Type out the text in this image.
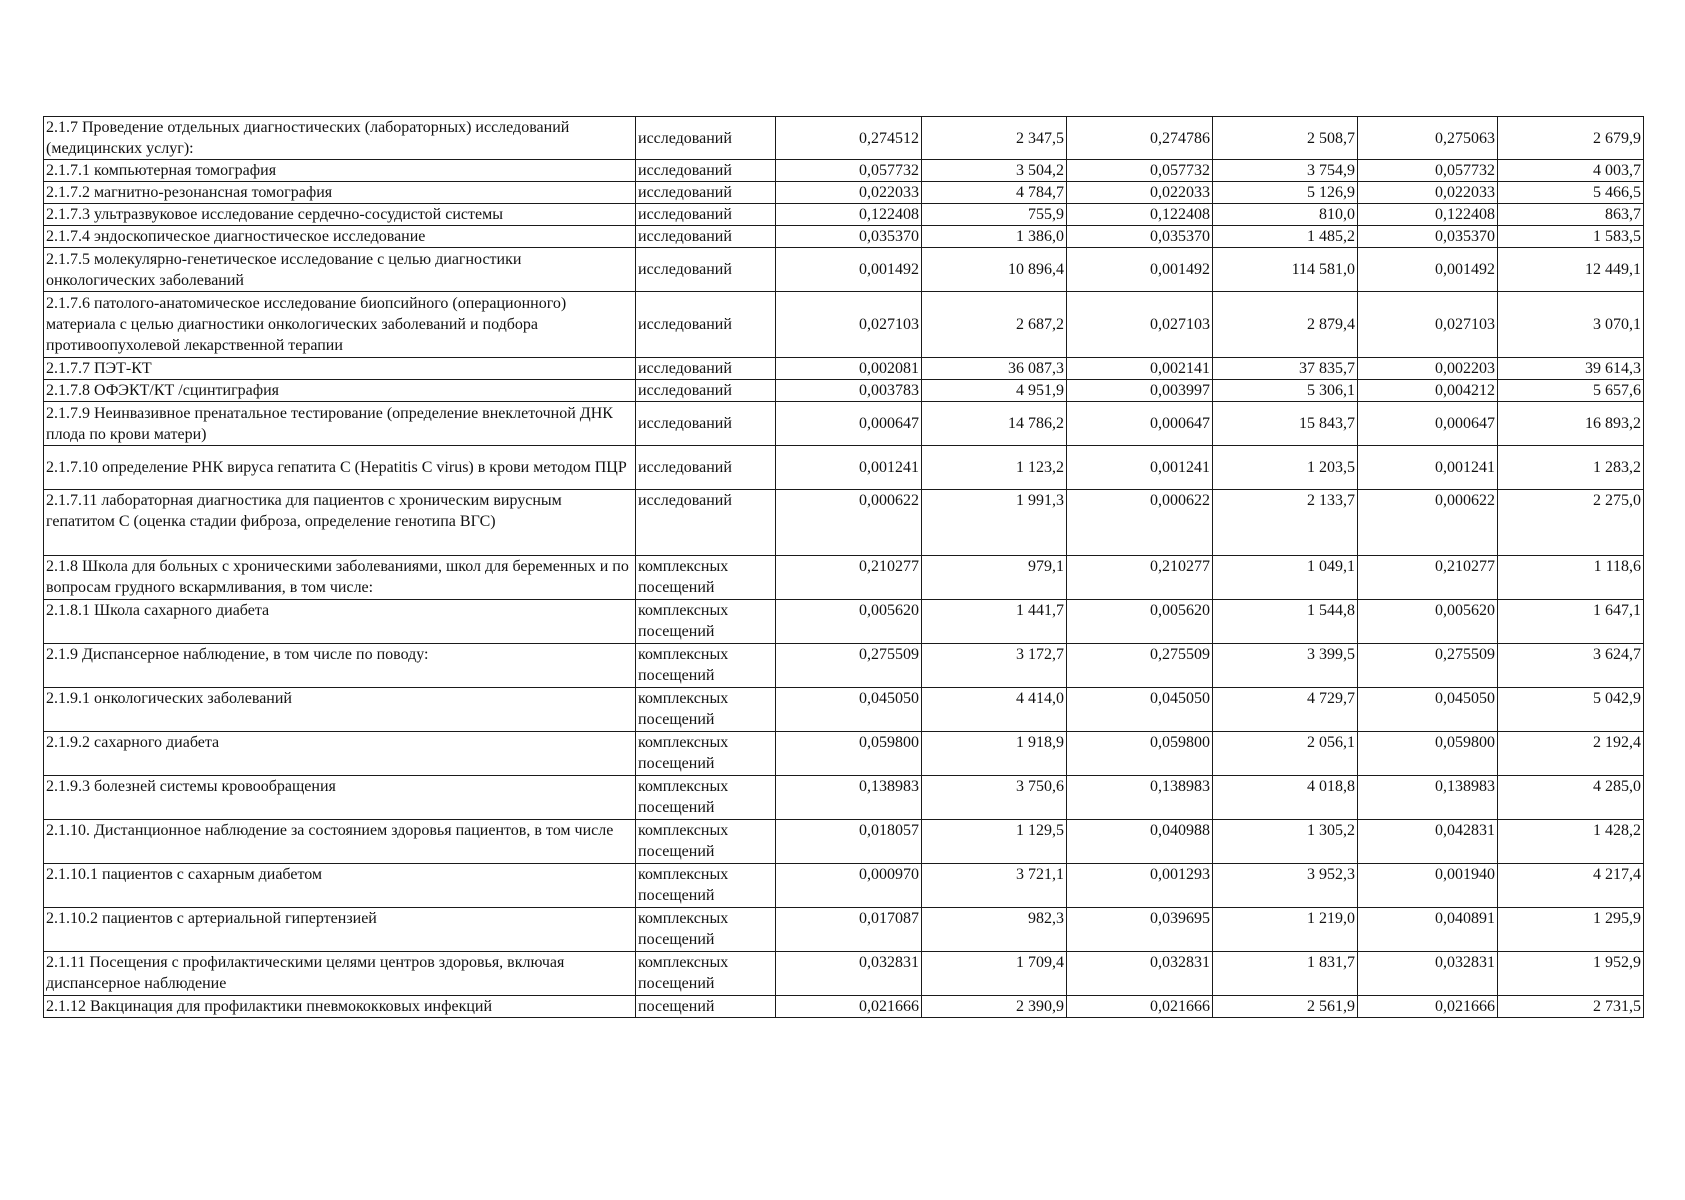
2.1.7 Проведение отдельных диагностических (лабораторных) исследований (медицинских услуг):	исследований	0,274512	2 347,5	0,274786	2 508,7	0,275063	2 679,9
2.1.7.1 компьютерная томография	исследований	0,057732	3 504,2	0,057732	3 754,9	0,057732	4 003,7
2.1.7.2 магнитно-резонансная томография	исследований	0,022033	4 784,7	0,022033	5 126,9	0,022033	5 466,5
2.1.7.3 ультразвуковое исследование сердечно-сосудистой системы	исследований	0,122408	755,9	0,122408	810,0	0,122408	863,7
2.1.7.4 эндоскопическое диагностическое исследование	исследований	0,035370	1 386,0	0,035370	1 485,2	0,035370	1 583,5
2.1.7.5 молекулярно-генетическое исследование с целью диагностики онкологических заболеваний	исследований	0,001492	10 896,4	0,001492	114 581,0	0,001492	12 449,1
2.1.7.6 патолого-анатомическое исследование биопсийного (операционного) материала с целью диагностики онкологических заболеваний и подбора противоопухолевой лекарственной терапии	исследований	0,027103	2 687,2	0,027103	2 879,4	0,027103	3 070,1
2.1.7.7 ПЭТ-КТ	исследований	0,002081	36 087,3	0,002141	37 835,7	0,002203	39 614,3
2.1.7.8 ОФЭКТ/КТ /сцинтиграфия	исследований	0,003783	4 951,9	0,003997	5 306,1	0,004212	5 657,6
2.1.7.9 Неинвазивное пренатальное тестирование (определение внеклеточной ДНК плода по крови матери)	исследований	0,000647	14 786,2	0,000647	15 843,7	0,000647	16 893,2
2.1.7.10 определение РНК вируса гепатита С (Hepatitis C virus) в крови методом ПЦР	исследований	0,001241	1 123,2	0,001241	1 203,5	0,001241	1 283,2
2.1.7.11 лабораторная диагностика для пациентов с хроническим вирусным гепатитом С (оценка стадии фиброза, определение генотипа ВГС)	исследований	0,000622	1 991,3	0,000622	2 133,7	0,000622	2 275,0
2.1.8 Школа для больных с хроническими заболеваниями, школ для беременных и по вопросам грудного вскармливания, в том числе:	комплексных посещений	0,210277	979,1	0,210277	1 049,1	0,210277	1 118,6
2.1.8.1 Школа сахарного диабета	комплексных посещений	0,005620	1 441,7	0,005620	1 544,8	0,005620	1 647,1
2.1.9 Диспансерное наблюдение, в том числе по поводу:	комплексных посещений	0,275509	3 172,7	0,275509	3 399,5	0,275509	3 624,7
2.1.9.1 онкологических заболеваний	комплексных посещений	0,045050	4 414,0	0,045050	4 729,7	0,045050	5 042,9
2.1.9.2 сахарного диабета	комплексных посещений	0,059800	1 918,9	0,059800	2 056,1	0,059800	2 192,4
2.1.9.3 болезней системы кровообращения	комплексных посещений	0,138983	3 750,6	0,138983	4 018,8	0,138983	4 285,0
2.1.10. Дистанционное наблюдение за состоянием здоровья пациентов, в том числе	комплексных посещений	0,018057	1 129,5	0,040988	1 305,2	0,042831	1 428,2
2.1.10.1 пациентов с сахарным диабетом	комплексных посещений	0,000970	3 721,1	0,001293	3 952,3	0,001940	4 217,4
2.1.10.2 пациентов с артериальной гипертензией	комплексных посещений	0,017087	982,3	0,039695	1 219,0	0,040891	1 295,9
2.1.11 Посещения с профилактическими целями центров здоровья, включая диспансерное наблюдение	комплексных посещений	0,032831	1 709,4	0,032831	1 831,7	0,032831	1 952,9
2.1.12 Вакцинация для профилактики пневмококковых инфекций	посещений	0,021666	2 390,9	0,021666	2 561,9	0,021666	2 731,5
